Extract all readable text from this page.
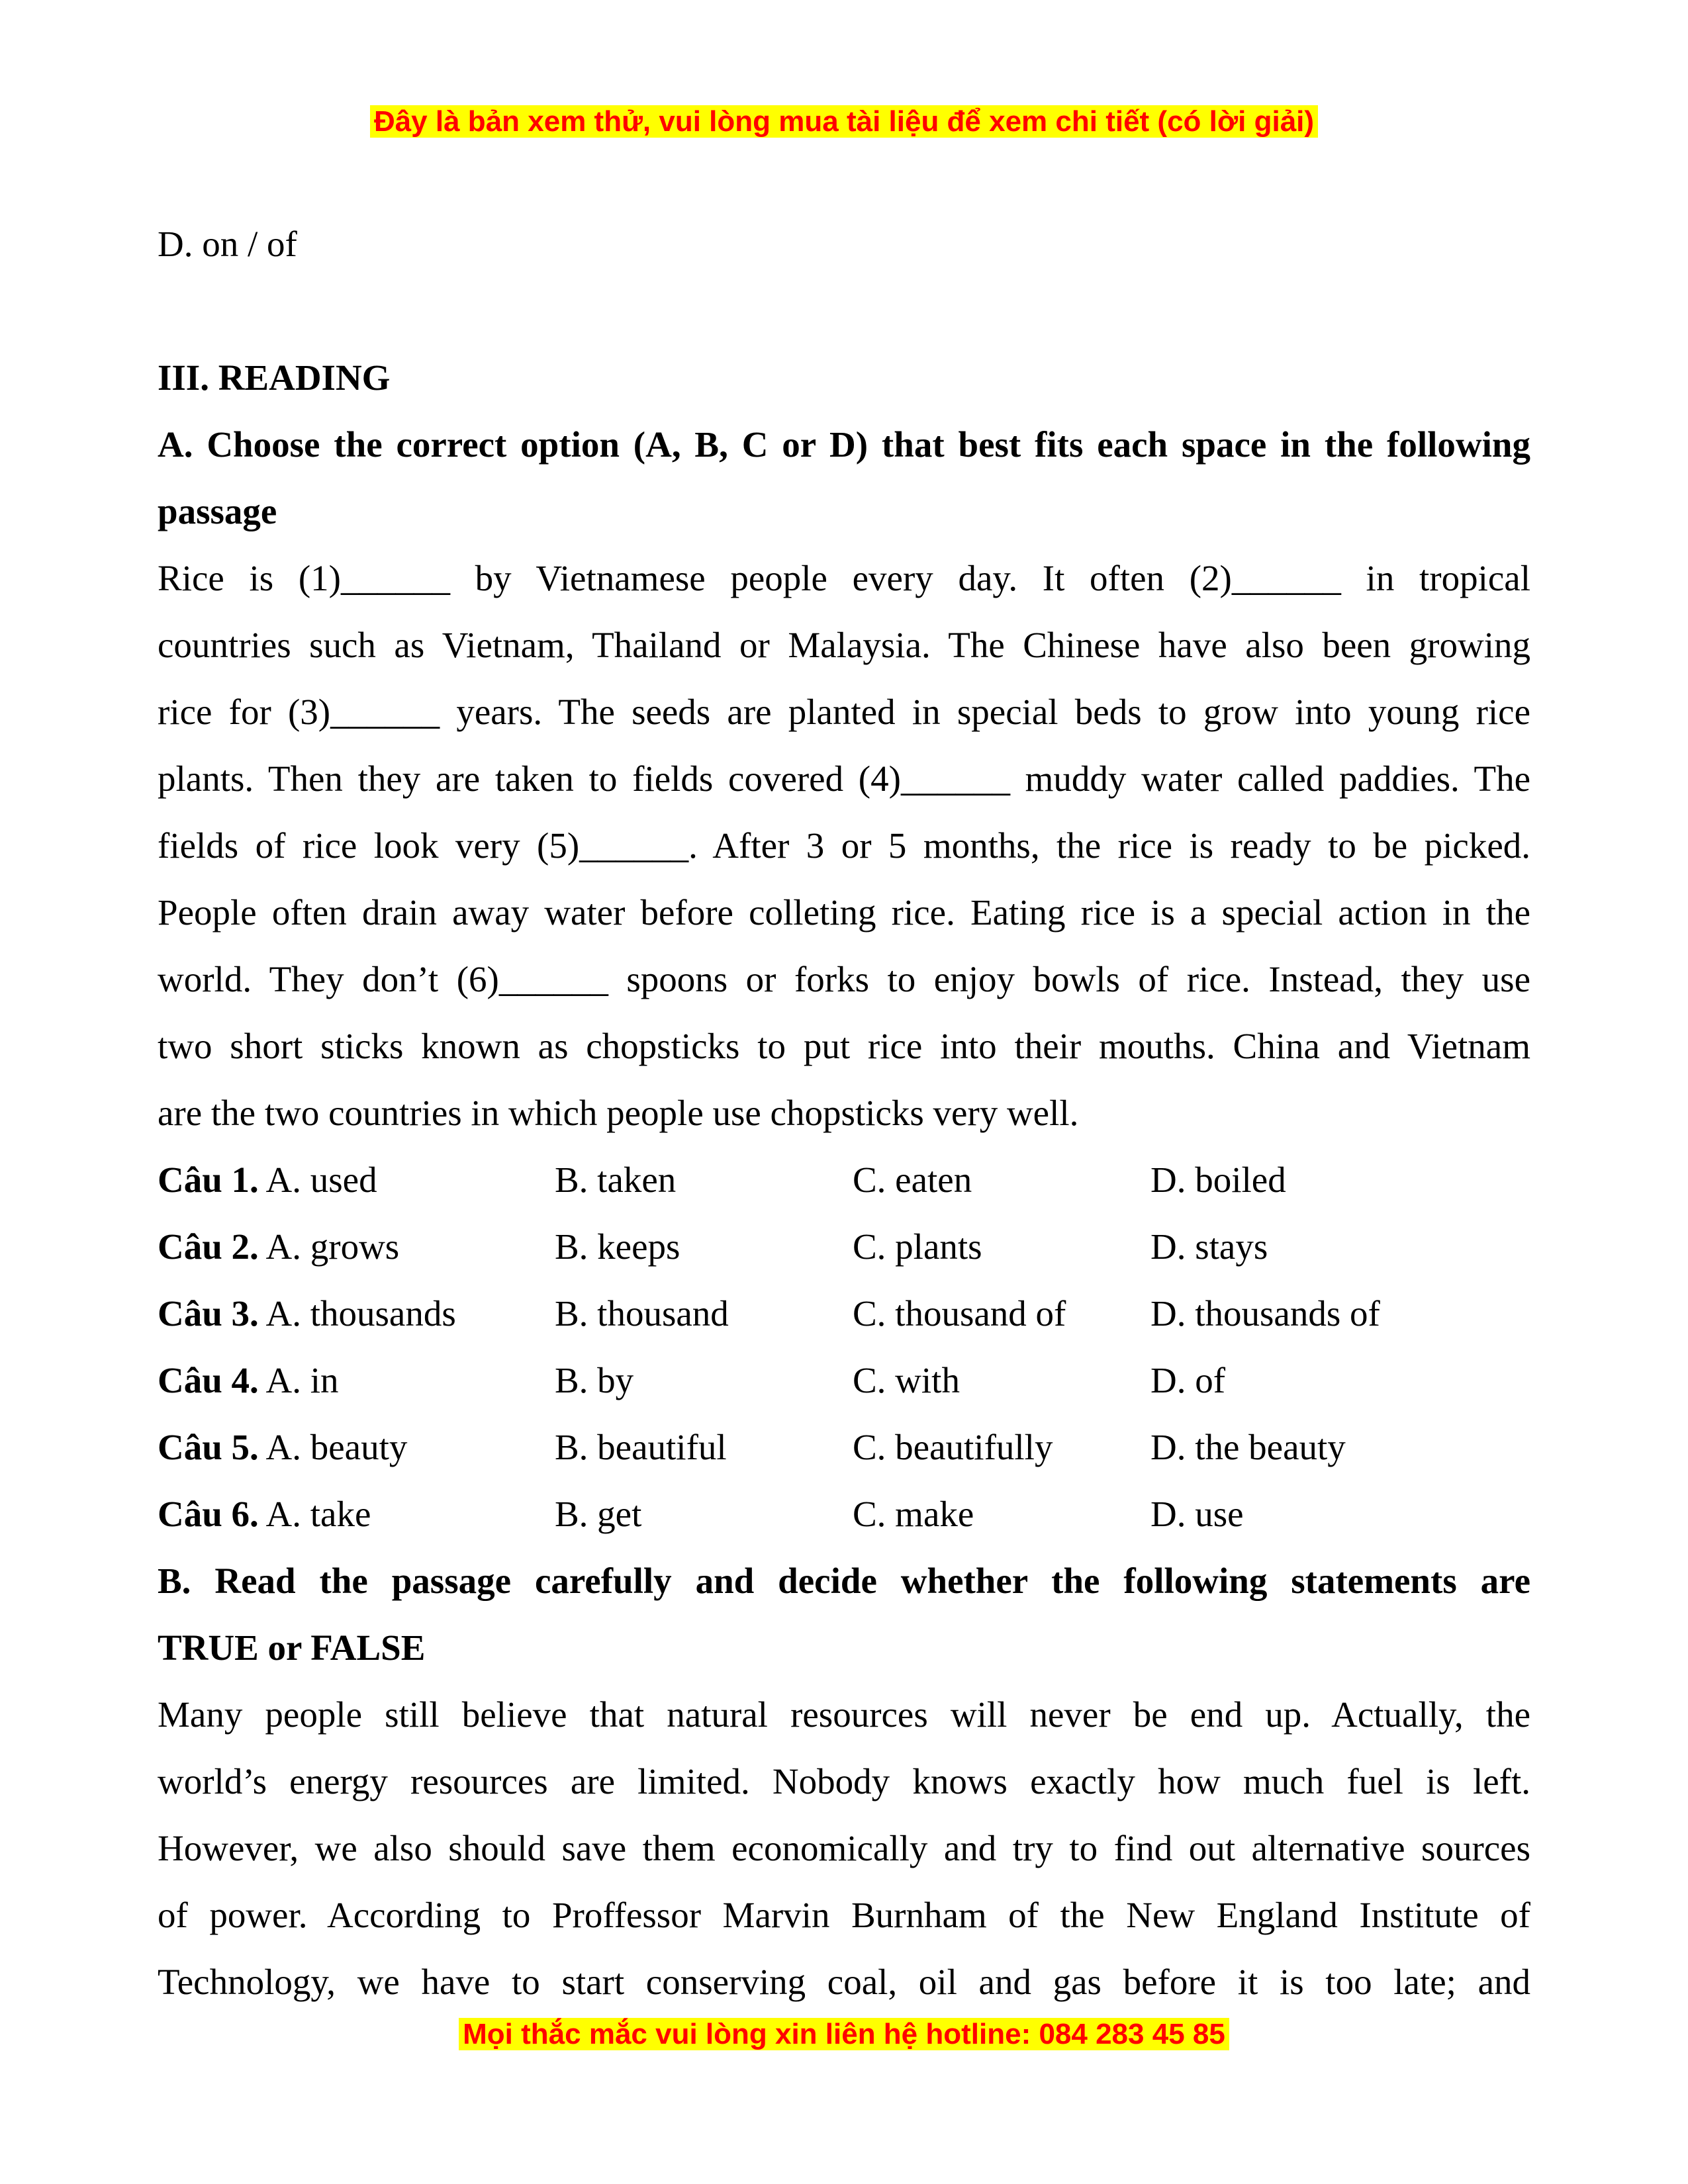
Đây là bản xem thử, vui lòng mua tài liệu để xem chi tiết (có lời giải)
D. on / of
III. READING
A. Choose the correct option (A, B, C or D) that best fits each space in the following
passage
Rice is (1)______ by Vietnamese people every day. It often (2)______ in tropical
countries such as Vietnam, Thailand or Malaysia. The Chinese have also been growing
rice for (3)______ years. The seeds are planted in special beds to grow into young rice
plants. Then they are taken to fields covered (4)______ muddy water called paddies. The
fields of rice look very (5)______. After 3 or 5 months, the rice is ready to be picked.
People often drain away water before colleting rice. Eating rice is a special action in the
world. They don’t (6)______ spoons or forks to enjoy bowls of rice. Instead, they use
two short sticks known as chopsticks to put rice into their mouths. China and Vietnam
are the two countries in which people use chopsticks very well.
Câu 1. A. used	B. taken	C. eaten	D. boiled
Câu 2. A. grows	B. keeps	C. plants	D. stays
Câu 3. A. thousands	B. thousand	C. thousand of D. thousands of
Câu 4. A. in	B. by	C. with	D. of
Câu 5. A. beauty	B. beautiful	C. beautifully	D. the beauty
Câu 6. A. take	B. get	C. make	D. use
B. Read the passage carefully and decide whether the following statements are
TRUE or FALSE
Many people still believe that natural resources will never be end up. Actually, the
world’s energy resources are limited. Nobody knows exactly how much fuel is left.
However, we also should save them economically and try to find out alternative sources
of power. According to Proffessor Marvin Burnham of the New England Institute of
Technology, we have to start conserving coal, oil and gas before it is too late; and
Mọi thắc mắc vui lòng xin liên hệ hotline: 084 283 45 85
